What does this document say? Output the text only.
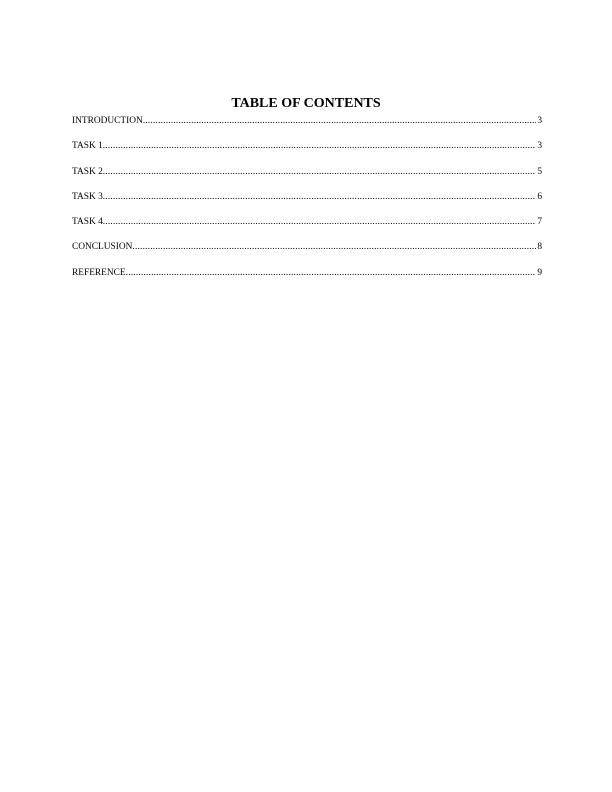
TABLE OF CONTENTS
INTRODUCTION .....	3
TASK 1 .....	3
TASK 2 .....	5
TASK 3 .....	6
TASK 4 .....	7
CONCLUSION .....	8
REFERENCE .....	9
